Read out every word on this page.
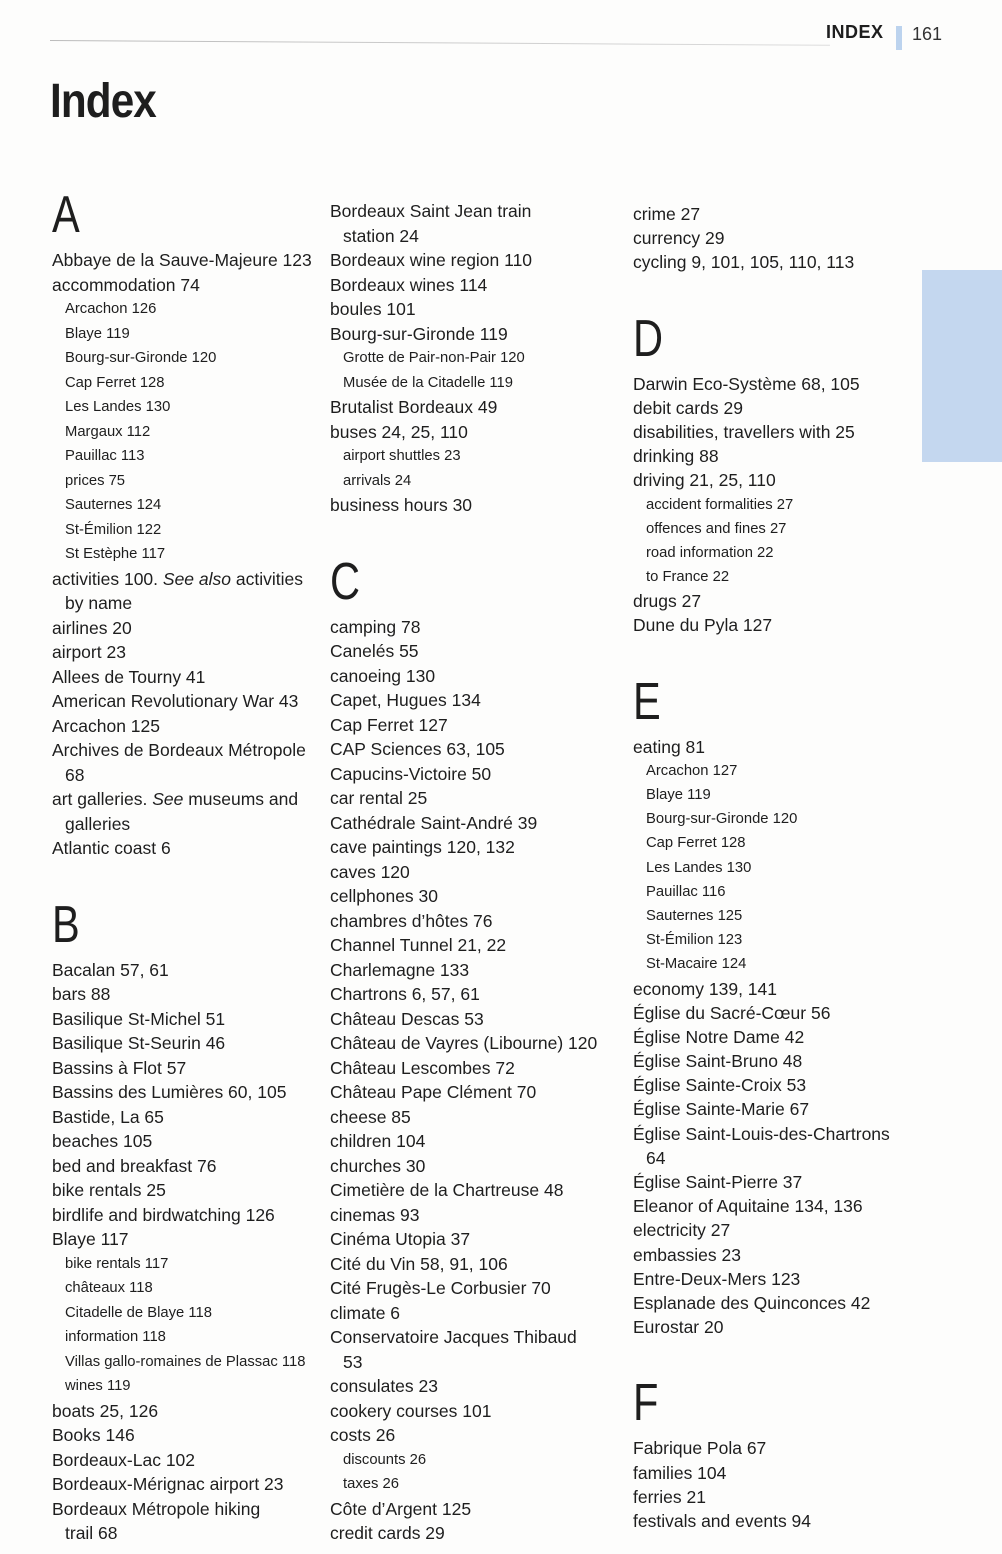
INDEX 161
Index
A
Abbaye de la Sauve-Majeure 123
accommodation 74
Arcachon 126
Blaye 119
Bourg-sur-Gironde 120
Cap Ferret 128
Les Landes 130
Margaux 112
Pauillac 113
prices 75
Sauternes 124
St-Émilion 122
St Estèphe 117
activities 100. See also activities
by name
airlines 20
airport 23
Allees de Tourny 41
American Revolutionary War 43
Arcachon 125
Archives de Bordeaux Métropole
68
art galleries. See museums and
galleries
Atlantic coast 6
B
Bacalan 57, 61
bars 88
Basilique St-Michel 51
Basilique St-Seurin 46
Bassins à Flot 57
Bassins des Lumières 60, 105
Bastide, La 65
beaches 105
bed and breakfast 76
bike rentals 25
birdlife and birdwatching 126
Blaye 117
bike rentals 117
châteaux 118
Citadelle de Blaye 118
information 118
Villas gallo-romaines de Plassac 118
wines 119
boats 25, 126
Books 146
Bordeaux-Lac 102
Bordeaux-Mérignac airport 23
Bordeaux Métropole hiking
trail 68
Bordeaux Saint Jean train
station 24
Bordeaux wine region 110
Bordeaux wines 114
boules 101
Bourg-sur-Gironde 119
Grotte de Pair-non-Pair 120
Musée de la Citadelle 119
Brutalist Bordeaux 49
buses 24, 25, 110
airport shuttles 23
arrivals 24
business hours 30
C
camping 78
Canelés 55
canoeing 130
Capet, Hugues 134
Cap Ferret 127
CAP Sciences 63, 105
Capucins-Victoire 50
car rental 25
Cathédrale Saint-André 39
cave paintings 120, 132
caves 120
cellphones 30
chambres d’hôtes 76
Channel Tunnel 21, 22
Charlemagne 133
Chartrons 6, 57, 61
Château Descas 53
Château de Vayres (Libourne) 120
Château Lescombes 72
Château Pape Clément 70
cheese 85
children 104
churches 30
Cimetière de la Chartreuse 48
cinemas 93
Cinéma Utopia 37
Cité du Vin 58, 91, 106
Cité Frugès-Le Corbusier 70
climate 6
Conservatoire Jacques Thibaud
53
consulates 23
cookery courses 101
costs 26
discounts 26
taxes 26
Côte d’Argent 125
credit cards 29
crime 27
currency 29
cycling 9, 101, 105, 110, 113
D
Darwin Eco-Système 68, 105
debit cards 29
disabilities, travellers with 25
drinking 88
driving 21, 25, 110
accident formalities 27
offences and fines 27
road information 22
to France 22
drugs 27
Dune du Pyla 127
E
eating 81
Arcachon 127
Blaye 119
Bourg-sur-Gironde 120
Cap Ferret 128
Les Landes 130
Pauillac 116
Sauternes 125
St-Émilion 123
St-Macaire 124
economy 139, 141
Église du Sacré-Cœur 56
Église Notre Dame 42
Église Saint-Bruno 48
Église Sainte-Croix 53
Église Sainte-Marie 67
Église Saint-Louis-des-Chartrons
64
Église Saint-Pierre 37
Eleanor of Aquitaine 134, 136
electricity 27
embassies 23
Entre-Deux-Mers 123
Esplanade des Quinconces 42
Eurostar 20
F
Fabrique Pola 67
families 104
ferries 21
festivals and events 94
